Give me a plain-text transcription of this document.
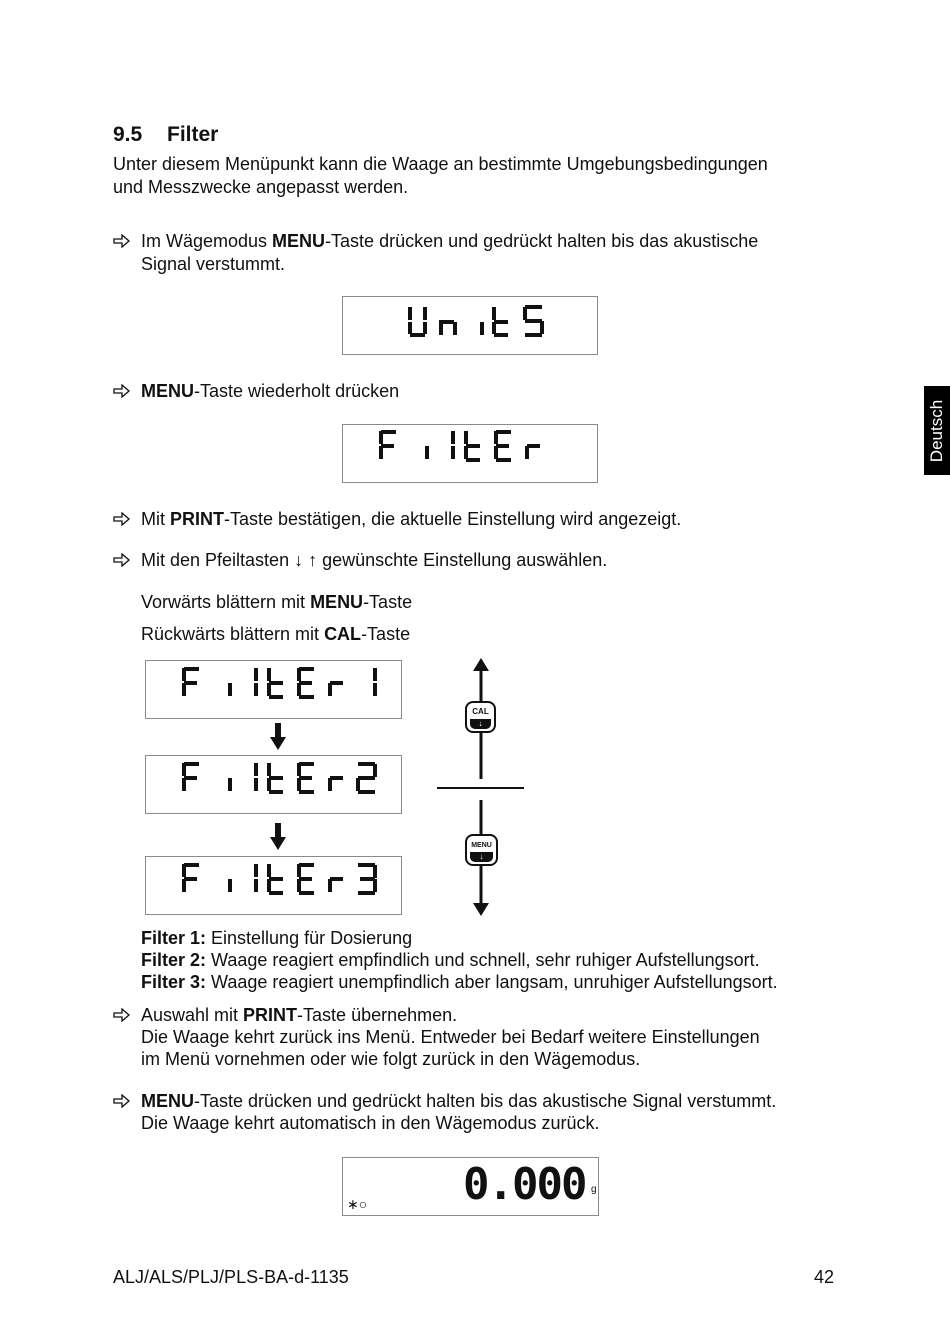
9.5 Filter
Unter diesem Menüpunkt kann die Waage an bestimmte Umgebungsbedingungen
und Messzwecke angepasst werden.
Im Wägemodus MENU-Taste drücken und gedrückt halten bis das akustische
Signal verstummt.
MENU-Taste wiederholt drücken
Mit PRINT-Taste bestätigen, die aktuelle Einstellung wird angezeigt.
Mit den Pfeiltasten ↓ ↑ gewünschte Einstellung auswählen.
Vorwärts blättern mit MENU-Taste
Rückwärts blättern mit CAL-Taste
CAL
↓
MENU
↓
Filter 1: Einstellung für Dosierung
Filter 2: Waage reagiert empfindlich und schnell, sehr ruhiger Aufstellungsort.
Filter 3: Waage reagiert unempfindlich aber langsam, unruhiger Aufstellungsort.
Auswahl mit PRINT-Taste übernehmen.
Die Waage kehrt zurück ins Menü. Entweder bei Bedarf weitere Einstellungen
im Menü vornehmen oder wie folgt zurück in den Wägemodus.
MENU-Taste drücken und gedrückt halten bis das akustische Signal verstummt.
Die Waage kehrt automatisch in den Wägemodus zurück.
0.000 g
∗○
Deutsch
ALJ/ALS/PLJ/PLS-BA-d-1135	42
